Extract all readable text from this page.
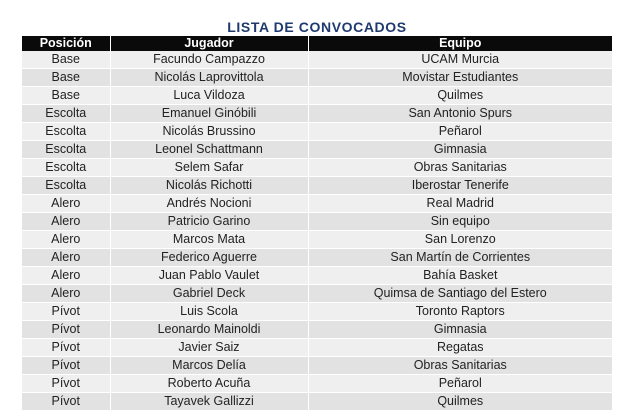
LISTA DE CONVOCADOS
Posición	Jugador	Equipo
Base	Facundo Campazzo	UCAM Murcia
Base	Nicolás Laprovittola	Movistar Estudiantes
Base	Luca Vildoza	Quilmes
Escolta	Emanuel Ginóbili	San Antonio Spurs
Escolta	Nicolás Brussino	Peñarol
Escolta	Leonel Schattmann	Gimnasia
Escolta	Selem Safar	Obras Sanitarias
Escolta	Nicolás Richotti	Iberostar Tenerife
Alero	Andrés Nocioni	Real Madrid
Alero	Patricio Garino	Sin equipo
Alero	Marcos Mata	San Lorenzo
Alero	Federico Aguerre	San Martín de Corrientes
Alero	Juan Pablo Vaulet	Bahía Basket
Alero	Gabriel Deck	Quimsa de Santiago del Estero
Pívot	Luis Scola	Toronto Raptors
Pívot	Leonardo Mainoldi	Gimnasia
Pívot	Javier Saiz	Regatas
Pívot	Marcos Delía	Obras Sanitarias
Pívot	Roberto Acuña	Peñarol
Pívot	Tayavek Gallizzi	Quilmes
